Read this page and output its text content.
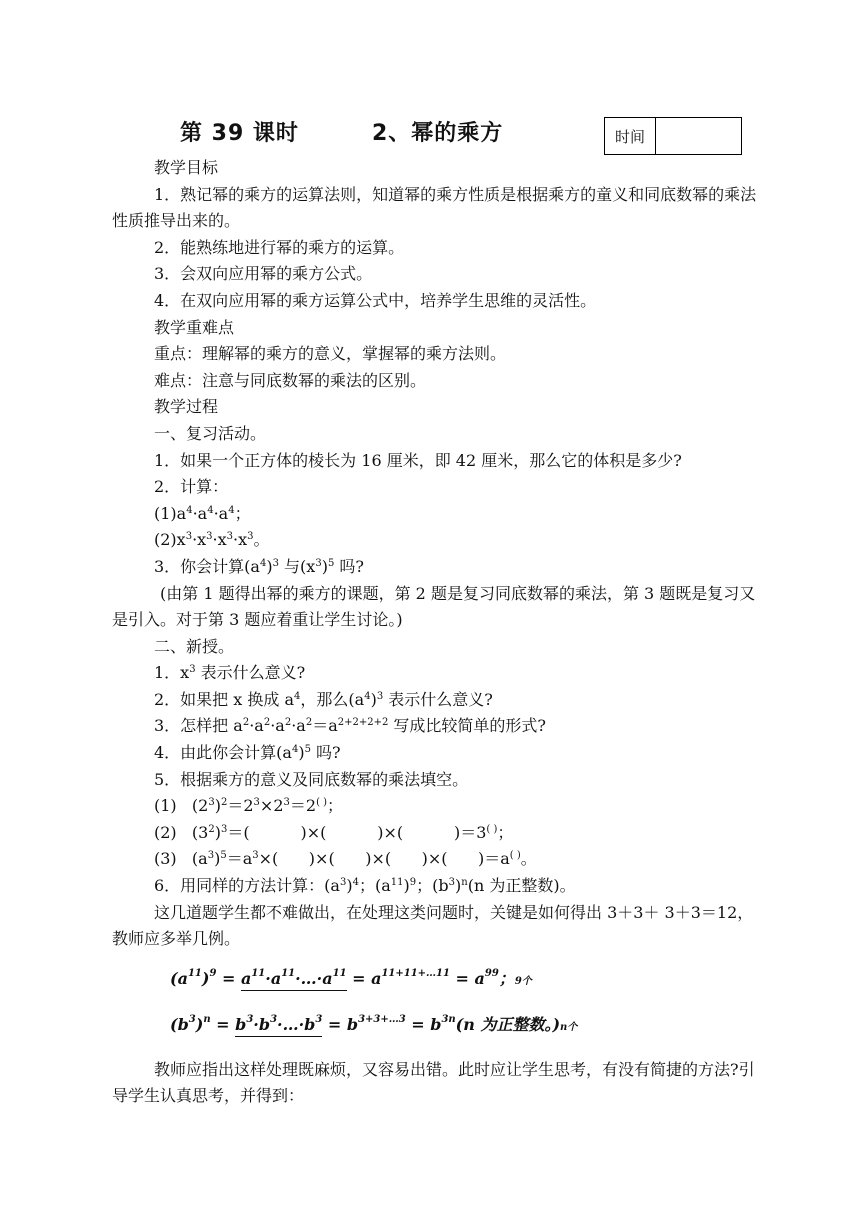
第 39 课时	2、幂的乘方	时间

教学目标

1．熟记幂的乘方的运算法则，知道幂的乘方性质是根据乘方的童义和同底数幂的乘法性质推导出来的。

2．能熟练地进行幂的乘方的运算。

3．会双向应用幂的乘方公式。

4．在双向应用幂的乘方运算公式中，培养学生思维的灵活性。

教学重难点

重点：理解幂的乘方的意义，掌握幂的乘方法则。

难点：注意与同底数幂的乘法的区别。

教学过程

一、复习活动。

1．如果一个正方体的棱长为 16 厘米，即 42 厘米，那么它的体积是多少?

2．计算：

$(1)a^4\cdot a^4\cdot a^4$；

$(2)x^3\cdot x^3\cdot x^3\cdot x^3$。

3．你会计算$(a^4)^3$ 与$(x^3)^5$ 吗?

(由第 1 题得出幂的乘方的课题，第 2 题是复习同底数幂的乘法，第 3 题既是复习又是引入。对于第 3 题应着重让学生讨论。)

二、新授。

1．$x^3$ 表示什么意义?

2．如果把 x 换成 $a^4$，那么$(a^4)^3$ 表示什么意义?

3．怎样把 $a^2\cdot a^2\cdot a^2\cdot a^2=a^{2+2+2+2}$ 写成比较简单的形式?

4．由此你会计算$(a^4)^5$ 吗?

5．根据乘方的意义及同底数幂的乘法填空。

(1)   $(2^3)^2=2^3\times 2^3=2^{( )}$；

(2)   $(3^2)^3=$(          )×(          )×(          )＝3( )；

(3)   $(a^3)^5=a^3\times$(      )×(      )×(      )×(      )＝a( )。

6．用同样的方法计算：$(a^3)^4$；$(a^{11})^9$；$(b^3)^n(n$ 为正整数)。

这几道题学生都不难做出，在处理这类问题时，关键是如何得出 3＋3＋ 3＋3＝12，教师应多举几例。

$(a^{11})^9$ = $a^{11}\cdot a^{11}\cdot\dots\cdot a^{11} = a^{11+11+\dots 11} = a^{99}$；9个
$(b^3)^n$ = $b^3\cdot b^3\cdot\dots\cdot b^3 = b^{3+3+\dots 3} = b^{3n}(n$ 为正整数。)n个

教师应指出这样处理既麻烦，又容易出错。此时应让学生思考，有没有简捷的方法?引导学生认真思考，并得到：
